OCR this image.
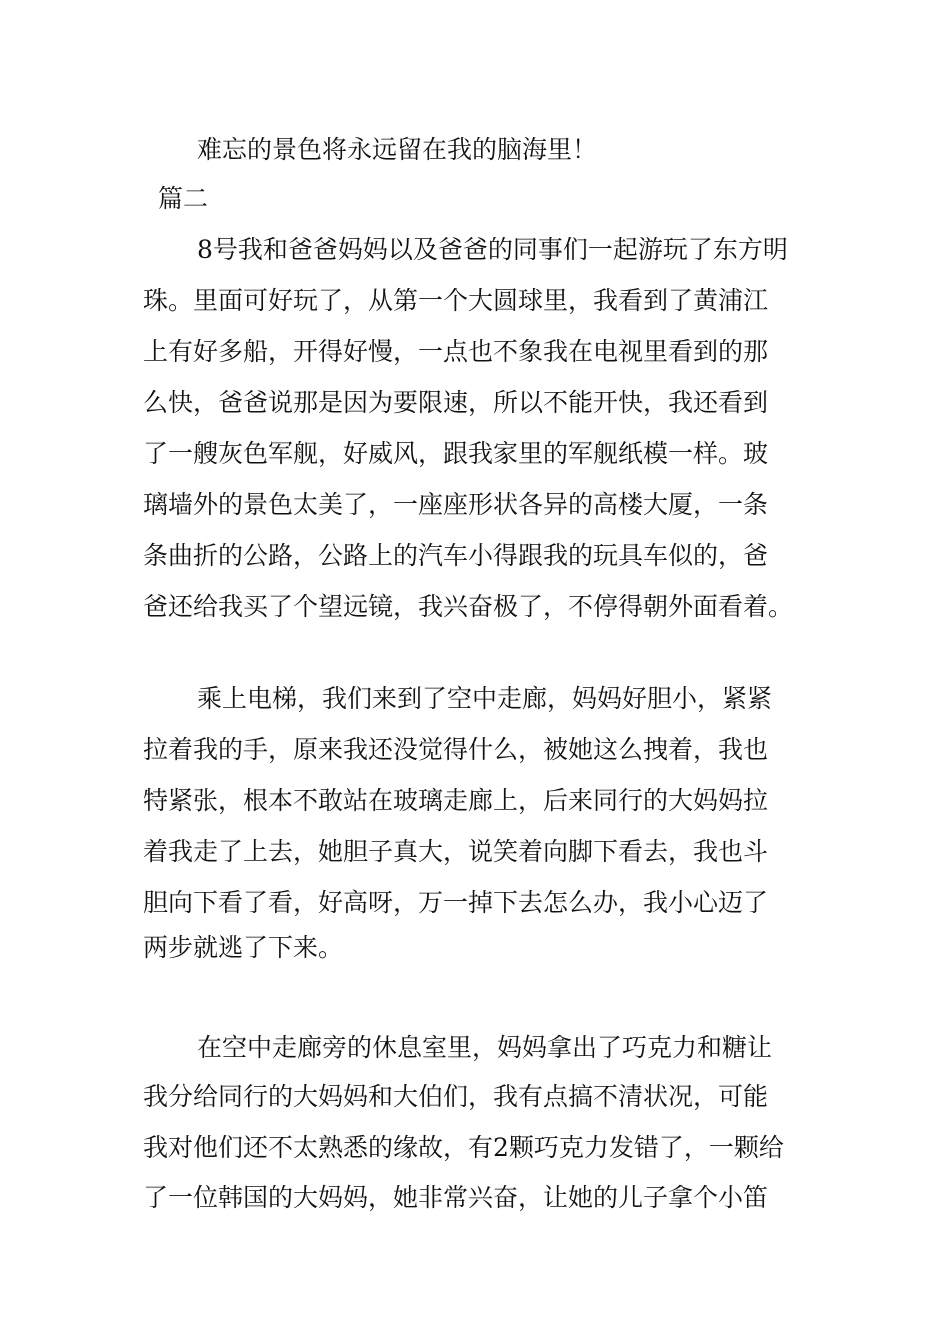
难忘的景色将永远留在我的脑海里！
篇二
8号我和爸爸妈妈以及爸爸的同事们一起游玩了东方明
珠。里面可好玩了，从第一个大圆球里，我看到了黄浦江
上有好多船，开得好慢，一点也不象我在电视里看到的那
么快，爸爸说那是因为要限速，所以不能开快，我还看到
了一艘灰色军舰，好威风，跟我家里的军舰纸模一样。玻
璃墙外的景色太美了，一座座形状各异的高楼大厦，一条
条曲折的公路，公路上的汽车小得跟我的玩具车似的，爸
爸还给我买了个望远镜，我兴奋极了，不停得朝外面看着。
乘上电梯，我们来到了空中走廊，妈妈好胆小，紧紧
拉着我的手，原来我还没觉得什么，被她这么拽着，我也
特紧张，根本不敢站在玻璃走廊上，后来同行的大妈妈拉
着我走了上去，她胆子真大，说笑着向脚下看去，我也斗
胆向下看了看，好高呀，万一掉下去怎么办，我小心迈了
两步就逃了下来。
在空中走廊旁的休息室里，妈妈拿出了巧克力和糖让
我分给同行的大妈妈和大伯们，我有点搞不清状况，可能
我对他们还不太熟悉的缘故，有2颗巧克力发错了，一颗给
了一位韩国的大妈妈，她非常兴奋，让她的儿子拿个小笛
